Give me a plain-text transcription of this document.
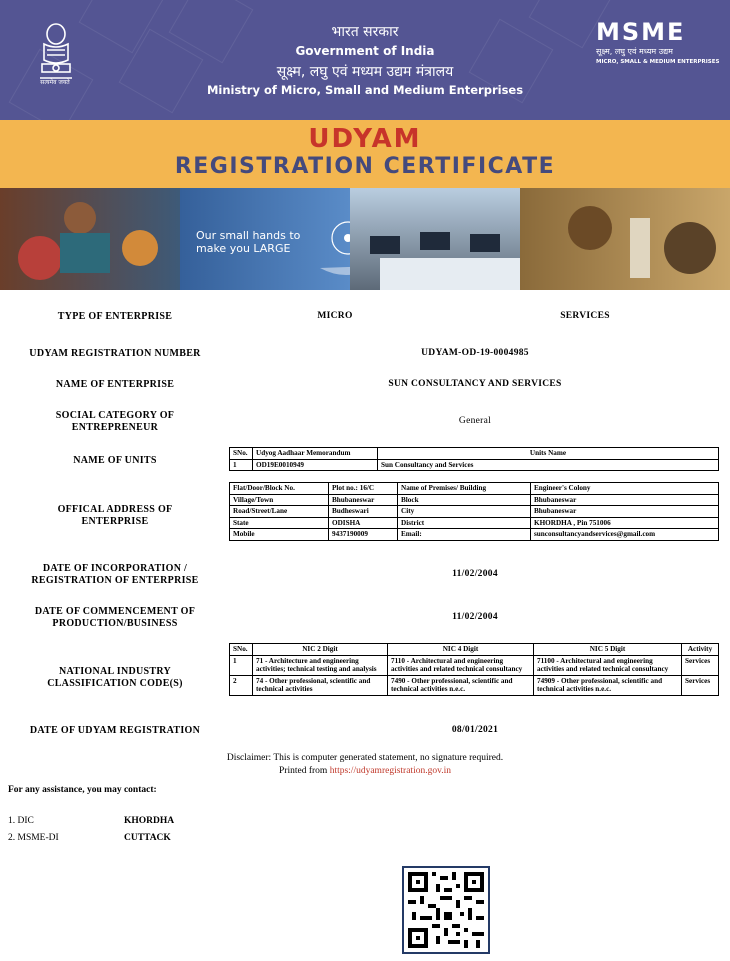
सत्यमेव जयते
भारत सरकार
Government of India
सूक्ष्म, लघु एवं मध्यम उद्यम मंत्रालय
Ministry of Micro, Small and Medium Enterprises
MSME
सूक्ष्म, लघु एवं मध्यम उद्यम
MICRO, SMALL & MEDIUM ENTERPRISES
UDYAM
REGISTRATION CERTIFICATE
Our small hands to
make you LARGE
TYPE OF ENTERPRISE	MICRO	SERVICES
UDYAM REGISTRATION NUMBER	UDYAM-OD-19-0004985
NAME OF ENTERPRISE	SUN CONSULTANCY AND SERVICES
SOCIAL CATEGORY OF
ENTREPRENEUR
General
NAME OF UNITS
SNo.	Udyog Aadhaar Memorandum	Units Name
1	OD19E0010949	Sun Consultancy and Services
OFFICAL ADDRESS OF
ENTERPRISE
Flat/Door/Block No.	Plot no.: 16/C	Name of Premises/ Building	Engineer's Colony
Village/Town	Bhubaneswar	Block	Bhubaneswar
Road/Street/Lane	Budheswari	City	Bhubaneswar
State	ODISHA	District	KHORDHA , Pin 751006
Mobile	9437190009	Email:	sunconsultancyandservices@gmail.com
DATE OF INCORPORATION /
REGISTRATION OF ENTERPRISE
11/02/2004
DATE OF COMMENCEMENT OF
PRODUCTION/BUSINESS
11/02/2004
NATIONAL INDUSTRY
CLASSIFICATION CODE(S)
SNo.	NIC 2 Digit	NIC 4 Digit	NIC 5 Digit	Activity
1	71 - Architecture and engineering activities; technical testing and analysis	7110 - Architectural and engineering activities and related technical consultancy	71100 - Architectural and engineering activities and related technical consultancy	Services
2	74 - Other professional, scientific and technical activities	7490 - Other professional, scientific and technical activities n.e.c.	74909 - Other professional, scientific and technical activities n.e.c.	Services
DATE OF UDYAM REGISTRATION	08/01/2021
Disclaimer: This is computer generated statement, no signature required.
Printed from https://udyamregistration.gov.in
For any assistance, you may contact:
1. DIC	KHORDHA
2. MSME-DI	CUTTACK
